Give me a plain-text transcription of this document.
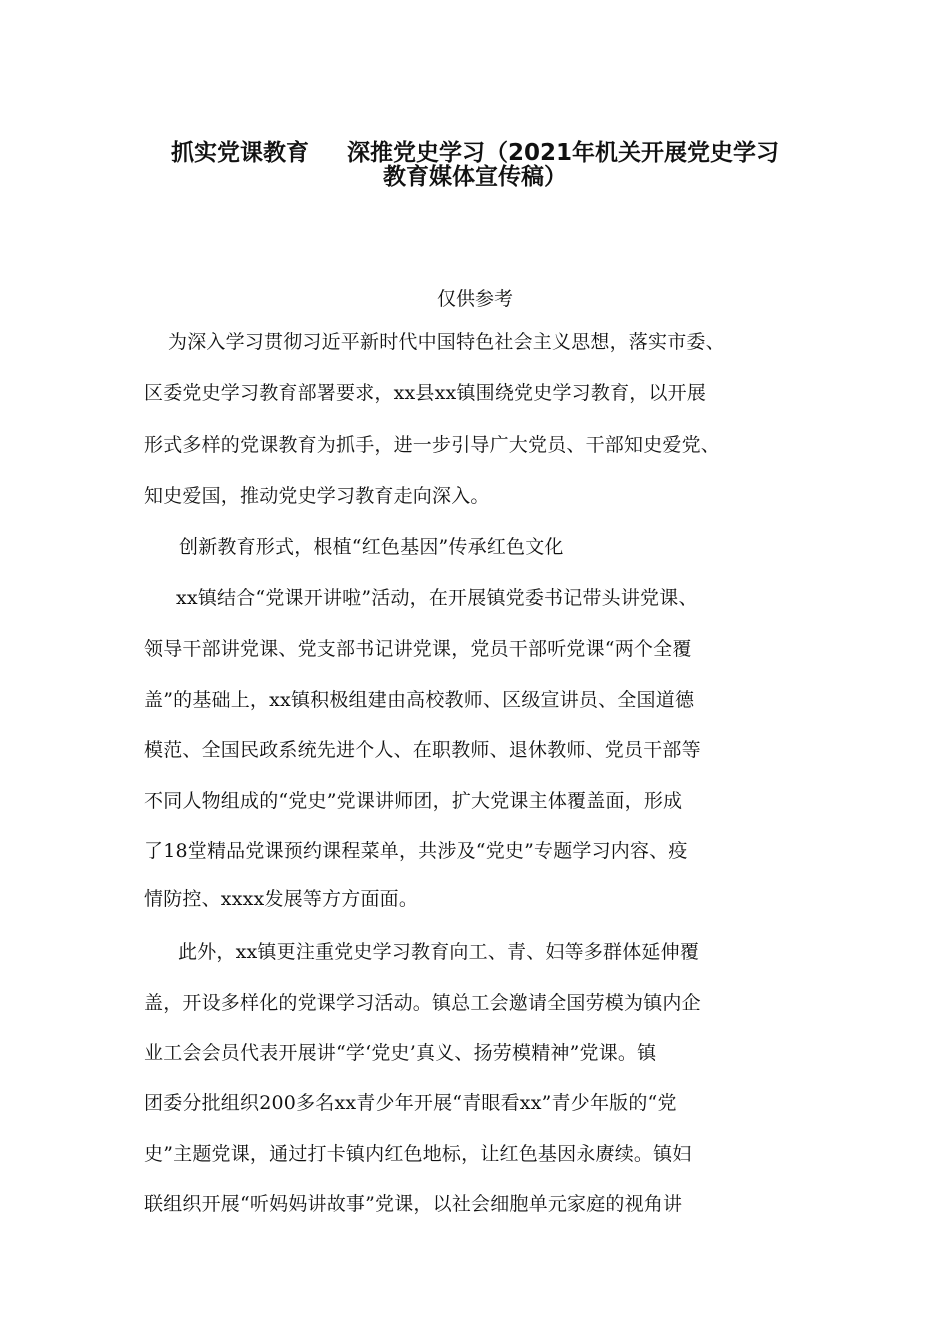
抓实党课教育 深推党史学习（2021年机关开展党史学习
教育媒体宣传稿）
仅供参考
为深入学习贯彻习近平新时代中国特色社会主义思想，落实市委、
区委党史学习教育部署要求，xx县xx镇围绕党史学习教育，以开展
形式多样的党课教育为抓手，进一步引导广大党员、干部知史爱党、
知史爱国，推动党史学习教育走向深入。
创新教育形式，根植“红色基因”传承红色文化
xx镇结合“党课开讲啦”活动，在开展镇党委书记带头讲党课、
领导干部讲党课、党支部书记讲党课，党员干部听党课“两个全覆
盖”的基础上，xx镇积极组建由高校教师、区级宣讲员、全国道德
模范、全国民政系统先进个人、在职教师、退休教师、党员干部等
不同人物组成的“党史”党课讲师团，扩大党课主体覆盖面，形成
了18堂精品党课预约课程菜单，共涉及“党史”专题学习内容、疫
情防控、xxxx发展等方方面面。
此外，xx镇更注重党史学习教育向工、青、妇等多群体延伸覆
盖，开设多样化的党课学习活动。镇总工会邀请全国劳模为镇内企
业工会会员代表开展讲“学‘党史’真义、扬劳模精神”党课。镇
团委分批组织200多名xx青少年开展“青眼看xx”青少年版的“党
史”主题党课，通过打卡镇内红色地标，让红色基因永赓续。镇妇
联组织开展“听妈妈讲故事”党课，以社会细胞单元家庭的视角讲
